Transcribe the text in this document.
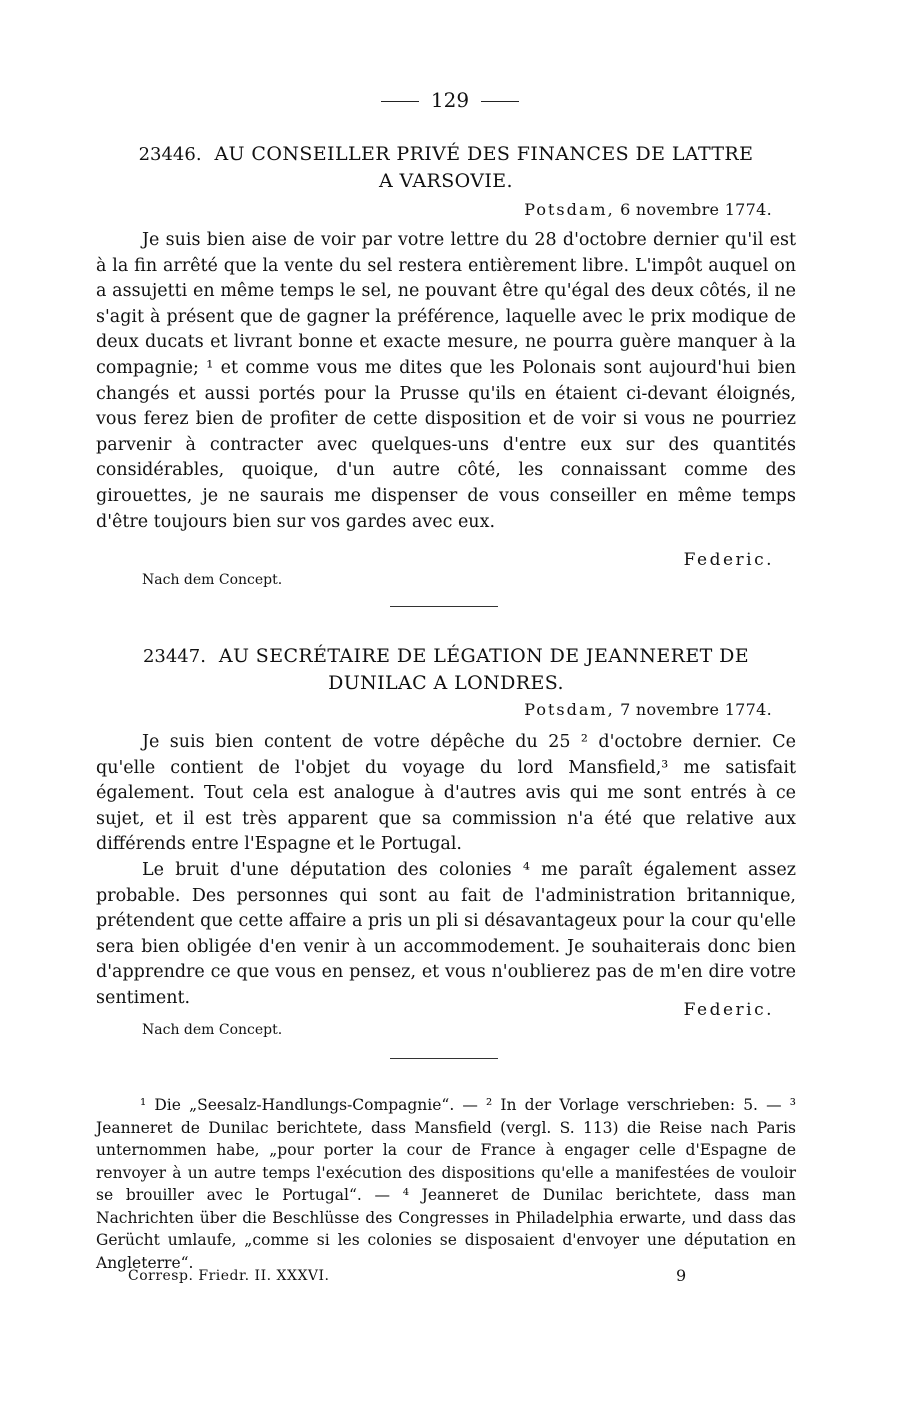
129
23446. AU CONSEILLER PRIVÉ DES FINANCES DE LATTRE
A VARSOVIE.
Potsdam, 6 novembre 1774.

Je suis bien aise de voir par votre lettre du 28 d'octobre dernier qu'il est à la fin arrêté que la vente du sel restera entièrement libre. L'impôt auquel on a assujetti en même temps le sel, ne pouvant être qu'égal des deux côtés, il ne s'agit à présent que de gagner la préférence, laquelle avec le prix modique de deux ducats et livrant bonne et exacte mesure, ne pourra guère manquer à la compagnie; ¹ et comme vous me dites que les Polonais sont aujourd'hui bien changés et aussi portés pour la Prusse qu'ils en étaient ci-devant éloignés, vous ferez bien de profiter de cette disposition et de voir si vous ne pourriez parvenir à contracter avec quelques-uns d'entre eux sur des quantités considérables, quoique, d'un autre côté, les connaissant comme des girouettes, je ne saurais me dispenser de vous conseiller en même temps d'être toujours bien sur vos gardes avec eux.

Federic.
Nach dem Concept.
23447. AU SECRÉTAIRE DE LÉGATION DE JEANNERET DE
DUNILAC A LONDRES.
Potsdam, 7 novembre 1774.

Je suis bien content de votre dépêche du 25 ² d'octobre dernier. Ce qu'elle contient de l'objet du voyage du lord Mansfield,³ me satisfait également. Tout cela est analogue à d'autres avis qui me sont entrés à ce sujet, et il est très apparent que sa commission n'a été que relative aux différends entre l'Espagne et le Portugal.

Le bruit d'une députation des colonies ⁴ me paraît également assez probable. Des personnes qui sont au fait de l'administration britannique, prétendent que cette affaire a pris un pli si désavantageux pour la cour qu'elle sera bien obligée d'en venir à un accommodement. Je souhaiterais donc bien d'apprendre ce que vous en pensez, et vous n'oublierez pas de m'en dire votre sentiment.

Federic.
Nach dem Concept.
¹ Die „Seesalz-Handlungs-Compagnie“. — ² In der Vorlage verschrieben: 5. — ³ Jeanneret de Dunilac berichtete, dass Mansfield (vergl. S. 113) die Reise nach Paris unternommen habe, „pour porter la cour de France à engager celle d'Espagne de renvoyer à un autre temps l'exécution des dispositions qu'elle a manifestées de vouloir se brouiller avec le Portugal“. — ⁴ Jeanneret de Dunilac berichtete, dass man Nachrichten über die Beschlüsse des Congresses in Philadelphia erwarte, und dass das Gerücht umlaufe, „comme si les colonies se disposaient d'envoyer une députation en Angleterre“.
Corresp. Friedr. II. XXXVI.	9
